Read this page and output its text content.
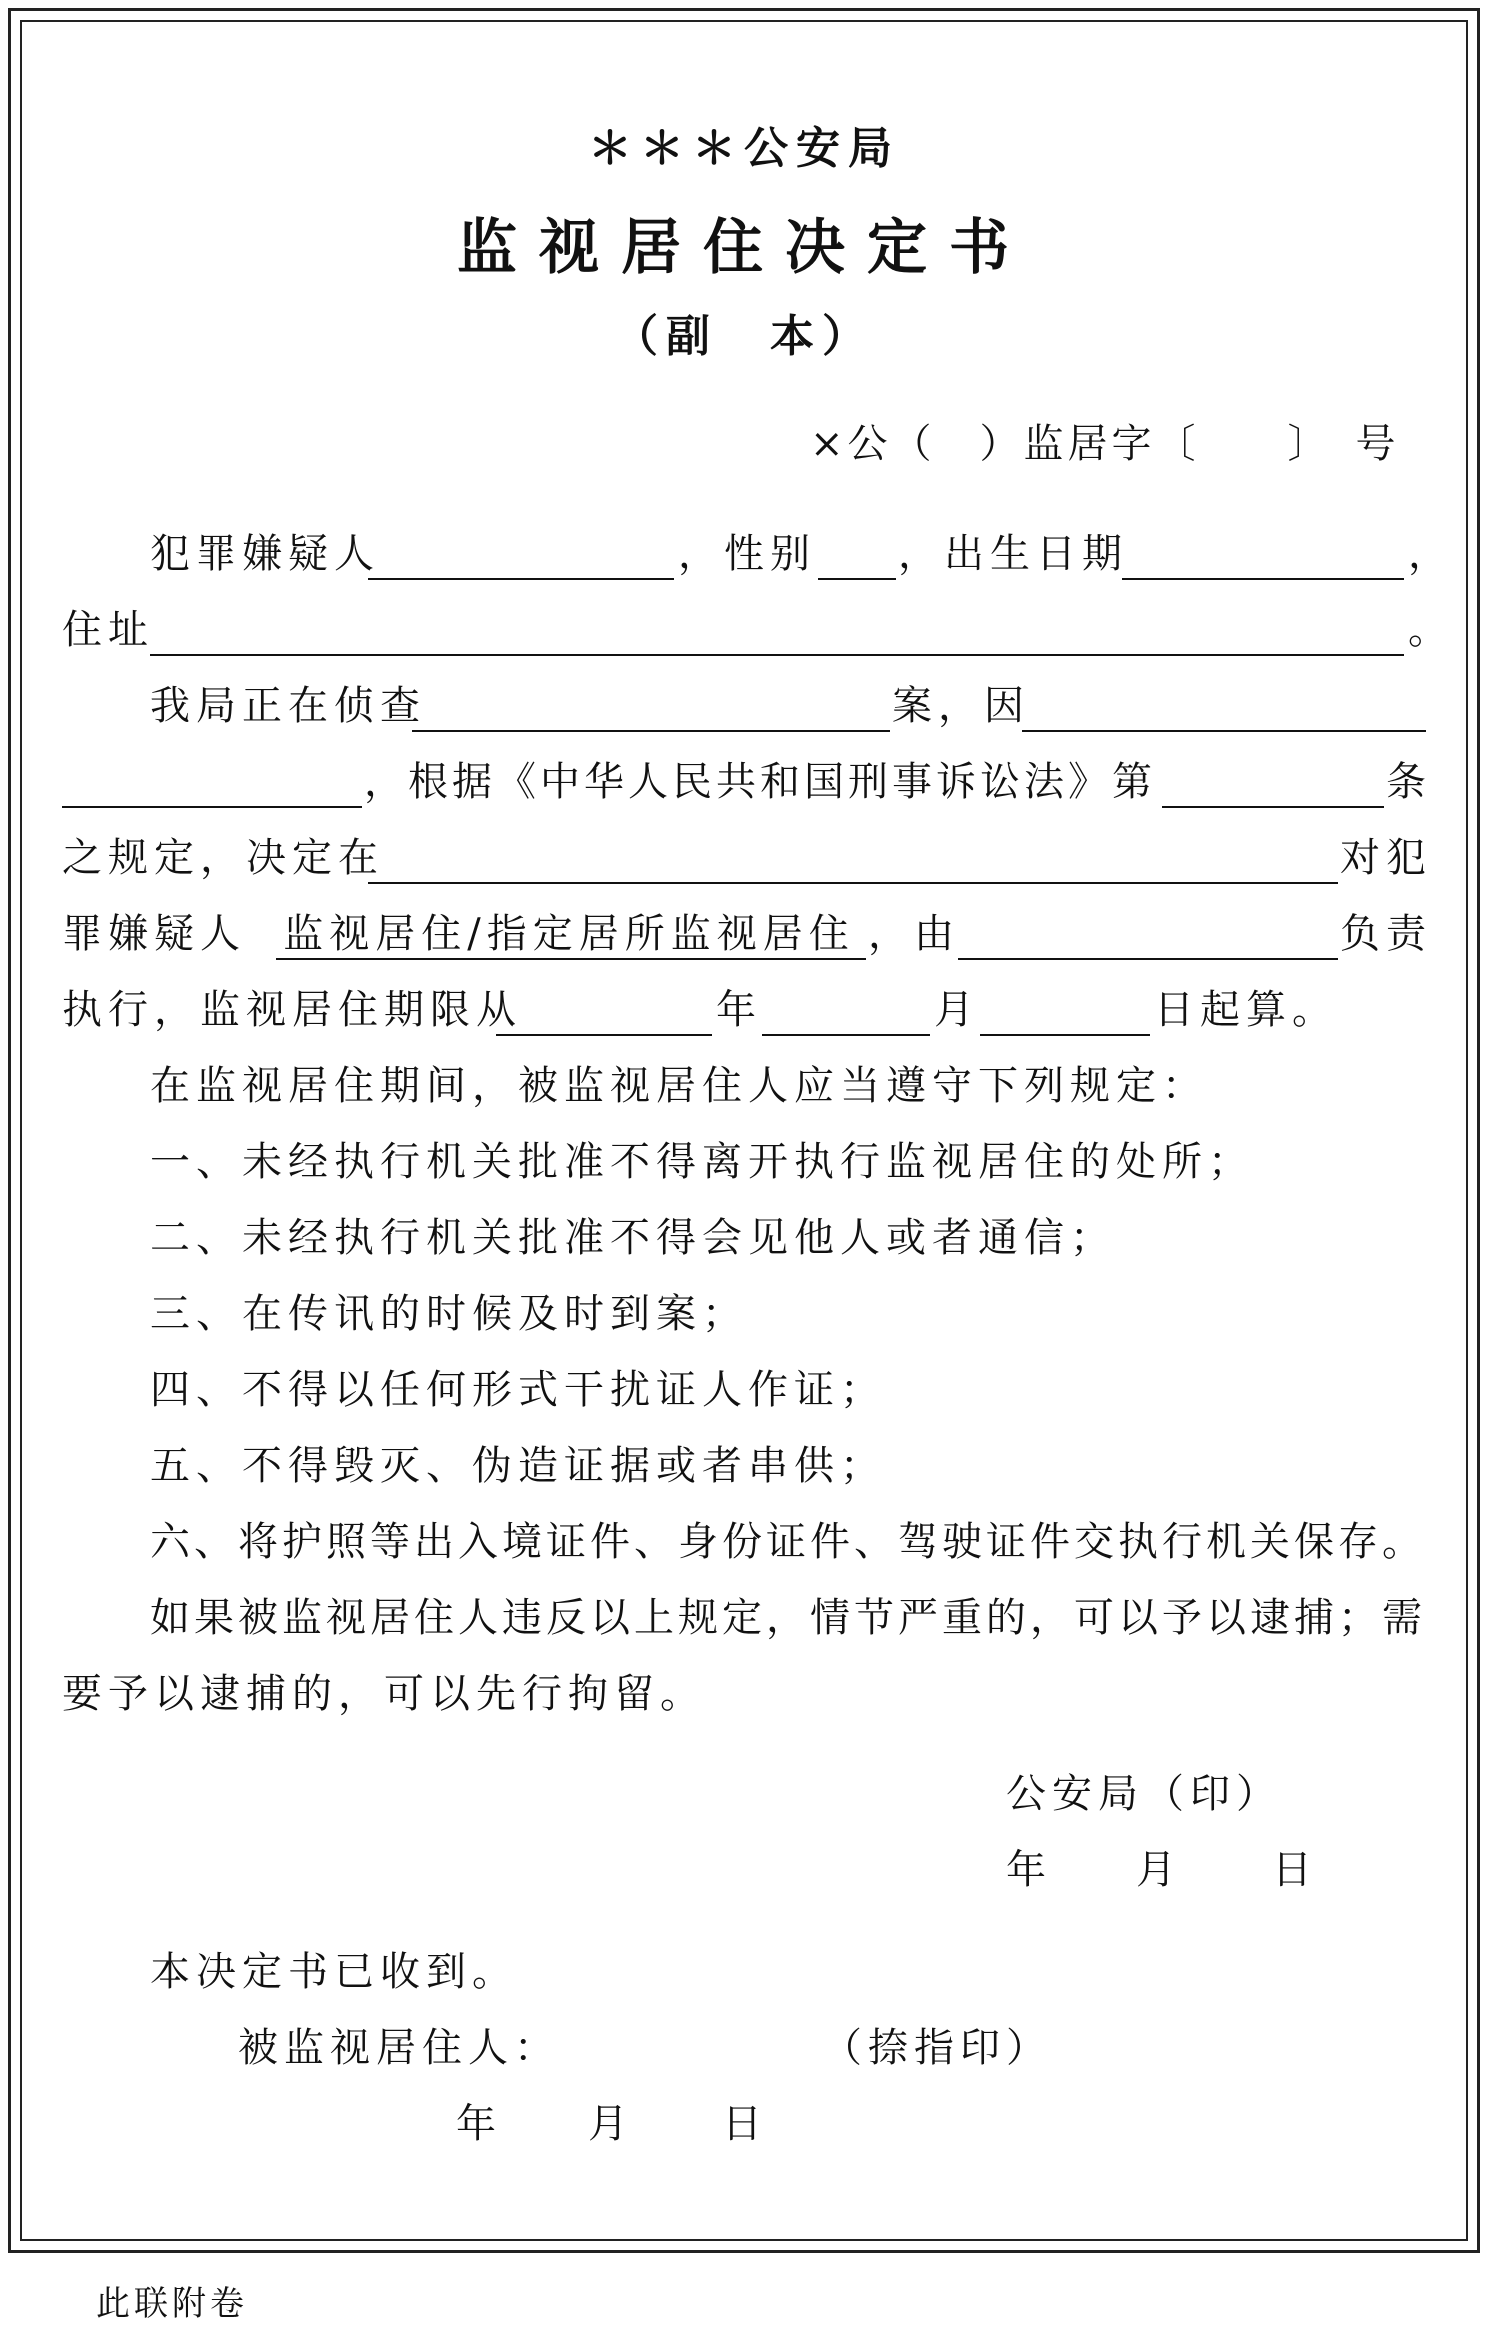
＊＊＊公安局
监视居住决定书
（副　本）
×公（　）监居字〔　　〕　号
犯罪嫌疑人	，性别 ，出生日期	，
住址	。
我局正在侦查	案，因
，根据《中华人民共和国刑事诉讼法》第	条
之规定，决定在	对犯
罪嫌疑人 监视居住/指定居所监视居住 ，由	负责
执行，监视居住期限从	年	月	日起算。
在监视居住期间，被监视居住人应当遵守下列规定：
一、未经执行机关批准不得离开执行监视居住的处所；
二、未经执行机关批准不得会见他人或者通信；
三、在传讯的时候及时到案；
四、不得以任何形式干扰证人作证；
五、不得毁灭、伪造证据或者串供；
六、将护照等出入境证件、身份证件、驾驶证件交执行机关保存。
如果被监视居住人违反以上规定，情节严重的，可以予以逮捕；需
要予以逮捕的，可以先行拘留。
公安局（印）
年 月 日
本决定书已收到。
被监视居住人：	（捺指印）
年 月 日
此联附卷
